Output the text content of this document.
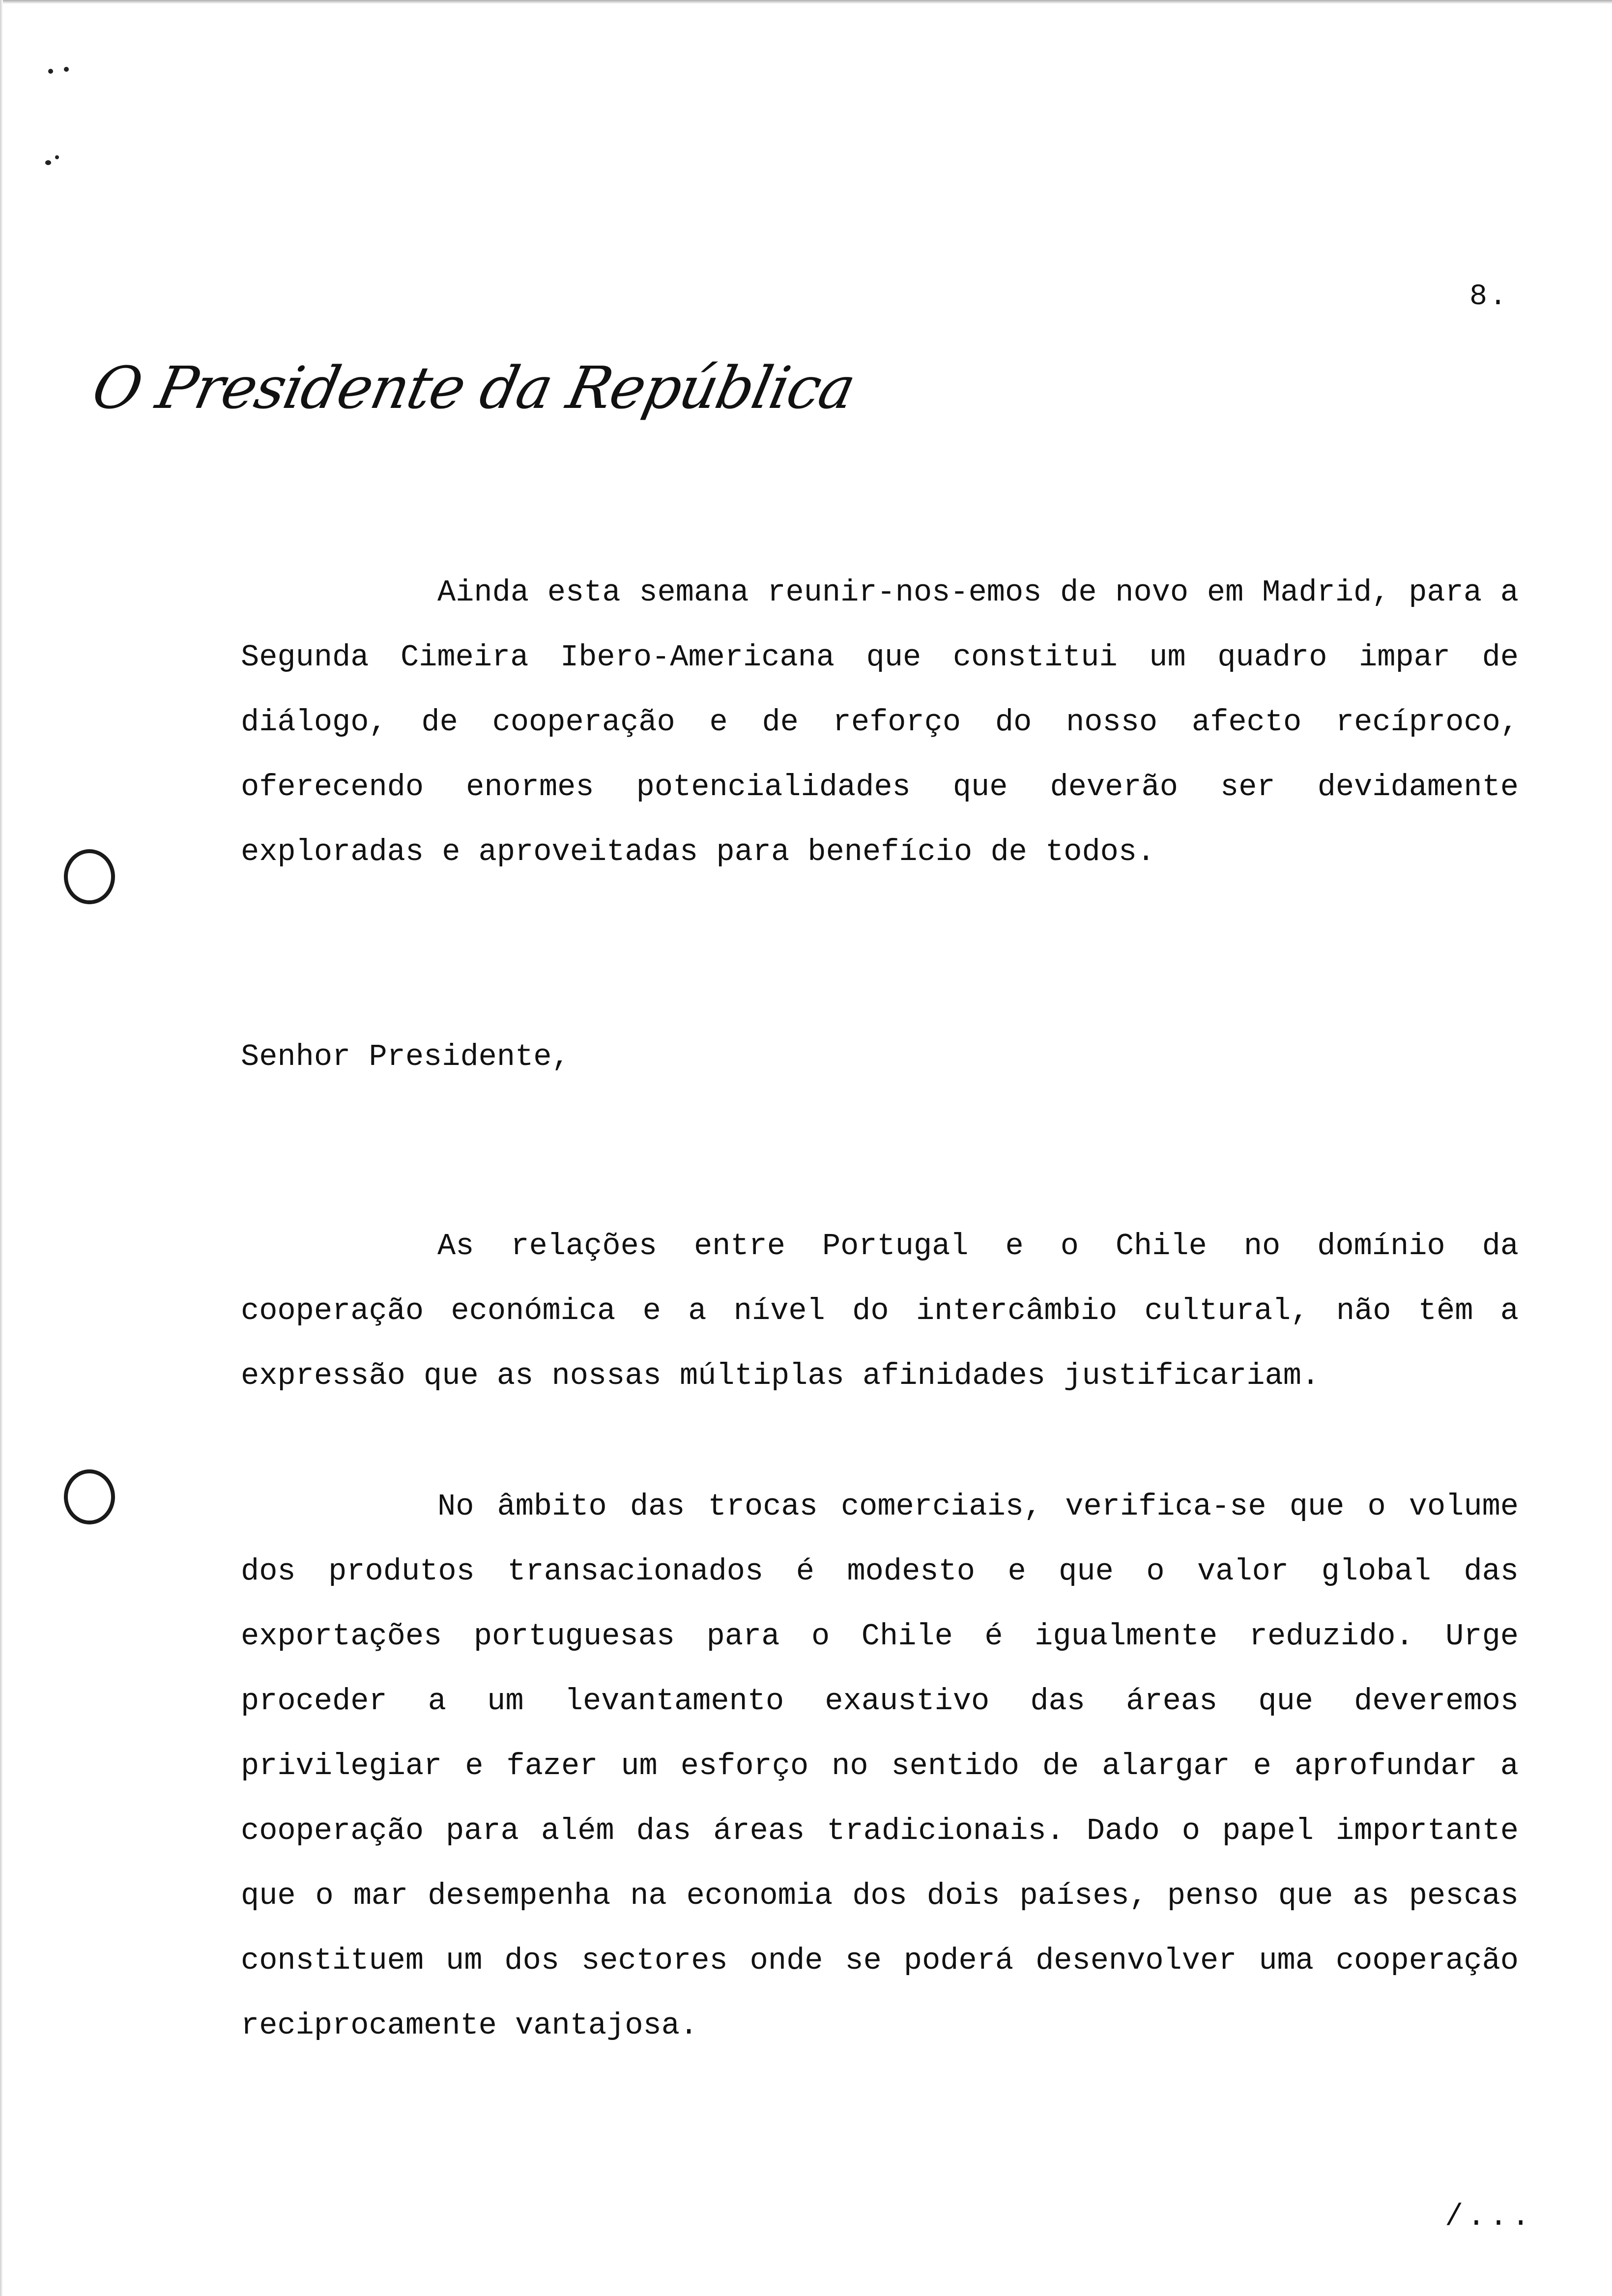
8.
O Presidente da República

Ainda esta semana reunir-nos-emos de novo em Madrid, para a Segunda Cimeira Ibero-Americana que constitui um quadro impar de diálogo, de cooperação e de reforço do nosso afecto recíproco, oferecendo enormes potencialidades que deverão ser devidamente exploradas e aproveitadas para benefício de todos.

Senhor Presidente,

As relações entre Portugal e o Chile no domínio da cooperação económica e a nível do intercâmbio cultural, não têm a expressão que as nossas múltiplas afinidades justificariam.

No âmbito das trocas comerciais, verifica-se que o volume dos produtos transacionados é modesto e que o valor global das exportações portuguesas para o Chile é igualmente reduzido. Urge proceder a um levantamento exaustivo das áreas que deveremos privilegiar e fazer um esforço no sentido de alargar e aprofundar a cooperação para além das áreas tradicionais. Dado o papel importante que o mar desempenha na economia dos dois países, penso que as pescas constituem um dos sectores onde se poderá desenvolver uma cooperação reciprocamente vantajosa.

/...
